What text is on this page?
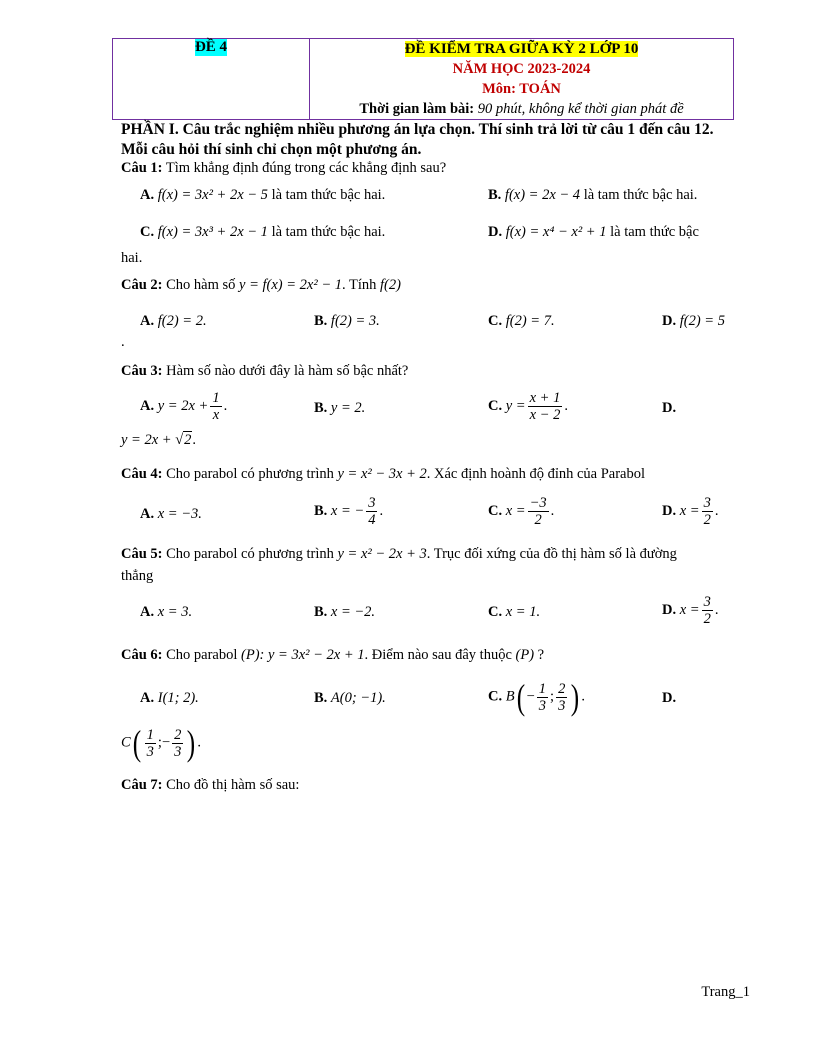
ĐỀ 4	ĐỀ KIỂM TRA GIỮA KỲ 2 LỚP 10
NĂM HỌC 2023-2024
Môn: TOÁN
Thời gian làm bài: 90 phút, không kể thời gian phát đề
PHẦN I. Câu trắc nghiệm nhiều phương án lựa chọn. Thí sinh trả lời từ câu 1 đến câu 12. Mỗi câu hỏi thí sinh chỉ chọn một phương án.
Câu 1: Tìm khẳng định đúng trong các khẳng định sau?
A. f(x) = 3x² + 2x − 5 là tam thức bậc hai.	B. f(x) = 2x − 4 là tam thức bậc hai.
C. f(x) = 3x³ + 2x − 1 là tam thức bậc hai.	D. f(x) = x⁴ − x² + 1 là tam thức bậc
hai.
Câu 2: Cho hàm số y = f(x) = 2x² − 1. Tính f(2)
A. f(2) = 2.	B. f(2) = 3.	C. f(2) = 7.	D. f(2) = 5
.
Câu 3: Hàm số nào dưới đây là hàm số bậc nhất?
A. $y = 2x + \frac{1}{x}$ .	B. y = 2.	C. $y = \frac{x + 1}{x - 2}$ .	D.
y = 2x + √2.
Câu 4: Cho parabol có phương trình y = x² − 3x + 2. Xác định hoành độ đỉnh của Parabol
A. x = −3.	B. x = − $\frac{3}{4}$ .	C. $x = \frac{-3}{2}$ .	D. $x = \frac{3}{2}$ .
Câu 5: Cho parabol có phương trình y = x² − 2x + 3. Trục đối xứng của đồ thị hàm số là đường
thẳng
A. x = 3.	B. x = −2.	C. x = 1.	D. $x = \frac{3}{2}$ .
Câu 6: Cho parabol (P): y = 3x² − 2x + 1. Điểm nào sau đây thuộc (P) ?
A. I(1; 2).	B. A(0; −1).	C. $B( - \frac{1}{3}$ ; $\frac{2}{3}$ ) .	D.
$C( \frac{1}{3}$ ;− $\frac{2}{3}$ ) .
Câu 7: Cho đồ thị hàm số sau:
Trang_1
